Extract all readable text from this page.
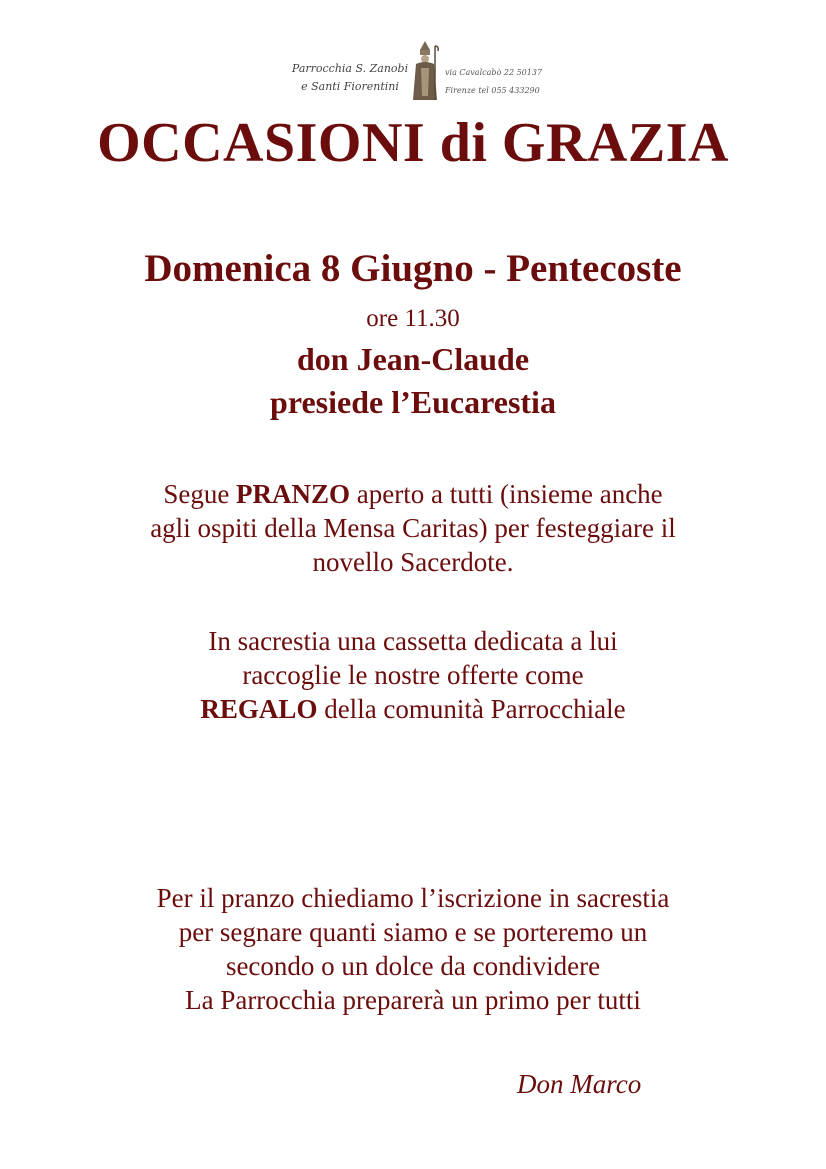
Parrocchia S. Zanobi
e Santi Fiorentini
via Cavalcabò 22 50137
Firenze tel 055 433290
OCCASIONI di GRAZIA
Domenica 8 Giugno - Pentecoste
ore 11.30
don Jean-Claude
presiede l’Eucarestia
Segue PRANZO aperto a tutti (insieme anche
agli ospiti della Mensa Caritas) per festeggiare il
novello Sacerdote.
In sacrestia una cassetta dedicata a lui
raccoglie le nostre offerte come
REGALO della comunità Parrocchiale
Per il pranzo chiediamo l’iscrizione in sacrestia
per segnare quanti siamo e se porteremo un
secondo o un dolce da condividere
La Parrocchia preparerà un primo per tutti
Don Marco
